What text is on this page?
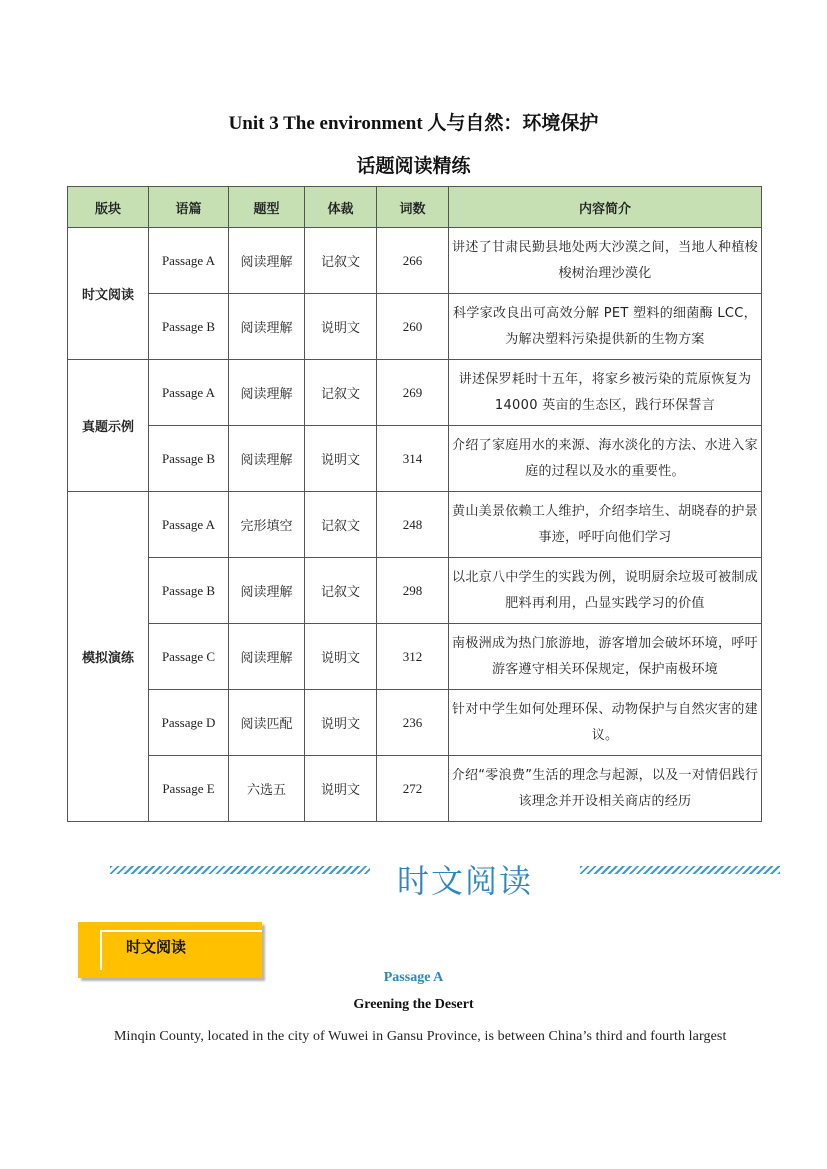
Unit 3 The environment 人与自然：环境保护
话题阅读精练
版块	语篇	题型	体裁	词数	内容简介
时文阅读	Passage A	阅读理解	记叙文	266	讲述了甘肃民勤县地处两大沙漠之间，当地人种植梭梭树治理沙漠化
	Passage B	阅读理解	说明文	260	科学家改良出可高效分解 PET 塑料的细菌酶 LCC，为解决塑料污染提供新的生物方案
真题示例	Passage A	阅读理解	记叙文	269	讲述保罗耗时十五年，将家乡被污染的荒原恢复为 14000 英亩的生态区，践行环保誓言
	Passage B	阅读理解	说明文	314	介绍了家庭用水的来源、海水淡化的方法、水进入家庭的过程以及水的重要性。
模拟演练	Passage A	完形填空	记叙文	248	黄山美景依赖工人维护，介绍李培生、胡晓春的护景事迹，呼吁向他们学习
	Passage B	阅读理解	记叙文	298	以北京八中学生的实践为例，说明厨余垃圾可被制成肥料再利用，凸显实践学习的价值
	Passage C	阅读理解	说明文	312	南极洲成为热门旅游地，游客增加会破坏环境，呼吁游客遵守相关环保规定，保护南极环境
	Passage D	阅读匹配	说明文	236	针对中学生如何处理环保、动物保护与自然灾害的建议。
	Passage E	六选五	说明文	272	介绍“零浪费”生活的理念与起源，以及一对情侣践行该理念并开设相关商店的经历
时文阅读
时文阅读
Passage A
Greening the Desert
Minqin County, located in the city of Wuwei in Gansu Province, is between China’s third and fourth largest
